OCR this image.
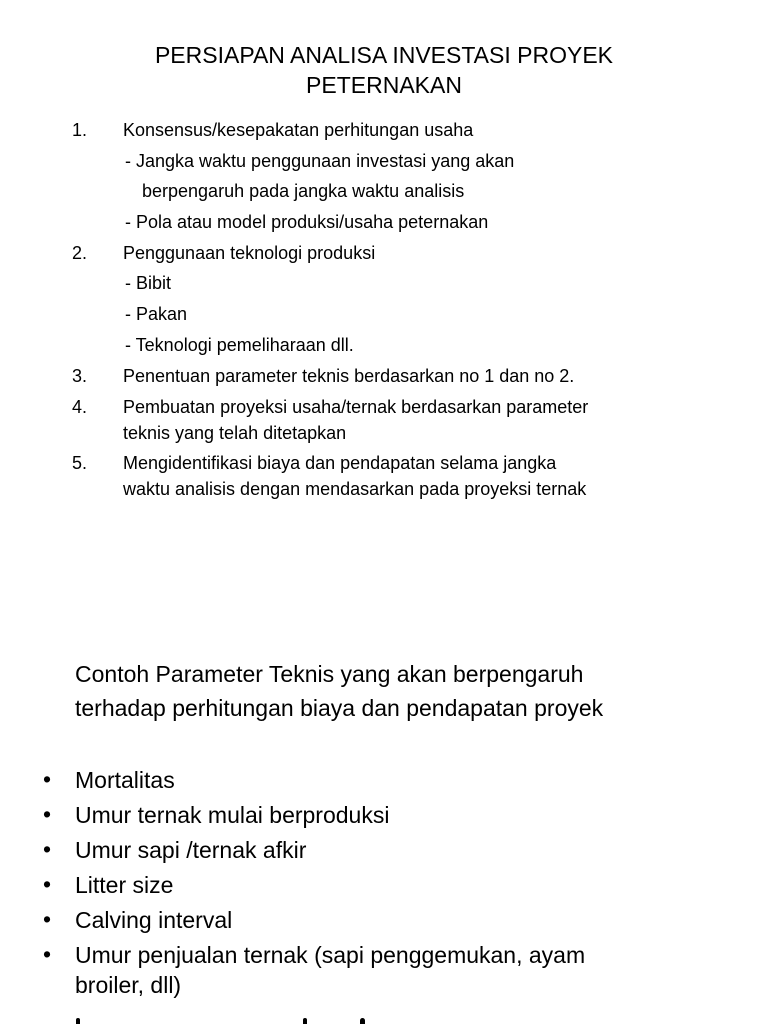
PERSIAPAN ANALISA INVESTASI PROYEK
PETERNAKAN
1. Konsensus/kesepakatan perhitungan usaha
- Jangka waktu penggunaan investasi yang akan
berpengaruh pada jangka waktu analisis
- Pola atau model produksi/usaha peternakan
2. Penggunaan teknologi produksi
- Bibit
- Pakan
- Teknologi pemeliharaan dll.
3. Penentuan parameter teknis berdasarkan no 1 dan no 2.
4. Pembuatan proyeksi usaha/ternak berdasarkan parameter
teknis yang telah ditetapkan
5. Mengidentifikasi biaya dan pendapatan selama jangka
waktu analisis dengan mendasarkan pada proyeksi ternak
Contoh Parameter Teknis yang akan berpengaruh
terhadap perhitungan biaya dan pendapatan proyek
• Mortalitas
• Umur ternak mulai berproduksi
• Umur sapi /ternak afkir
• Litter size
• Calving interval
• Umur penjualan ternak (sapi penggemukan, ayam
broiler, dll)
